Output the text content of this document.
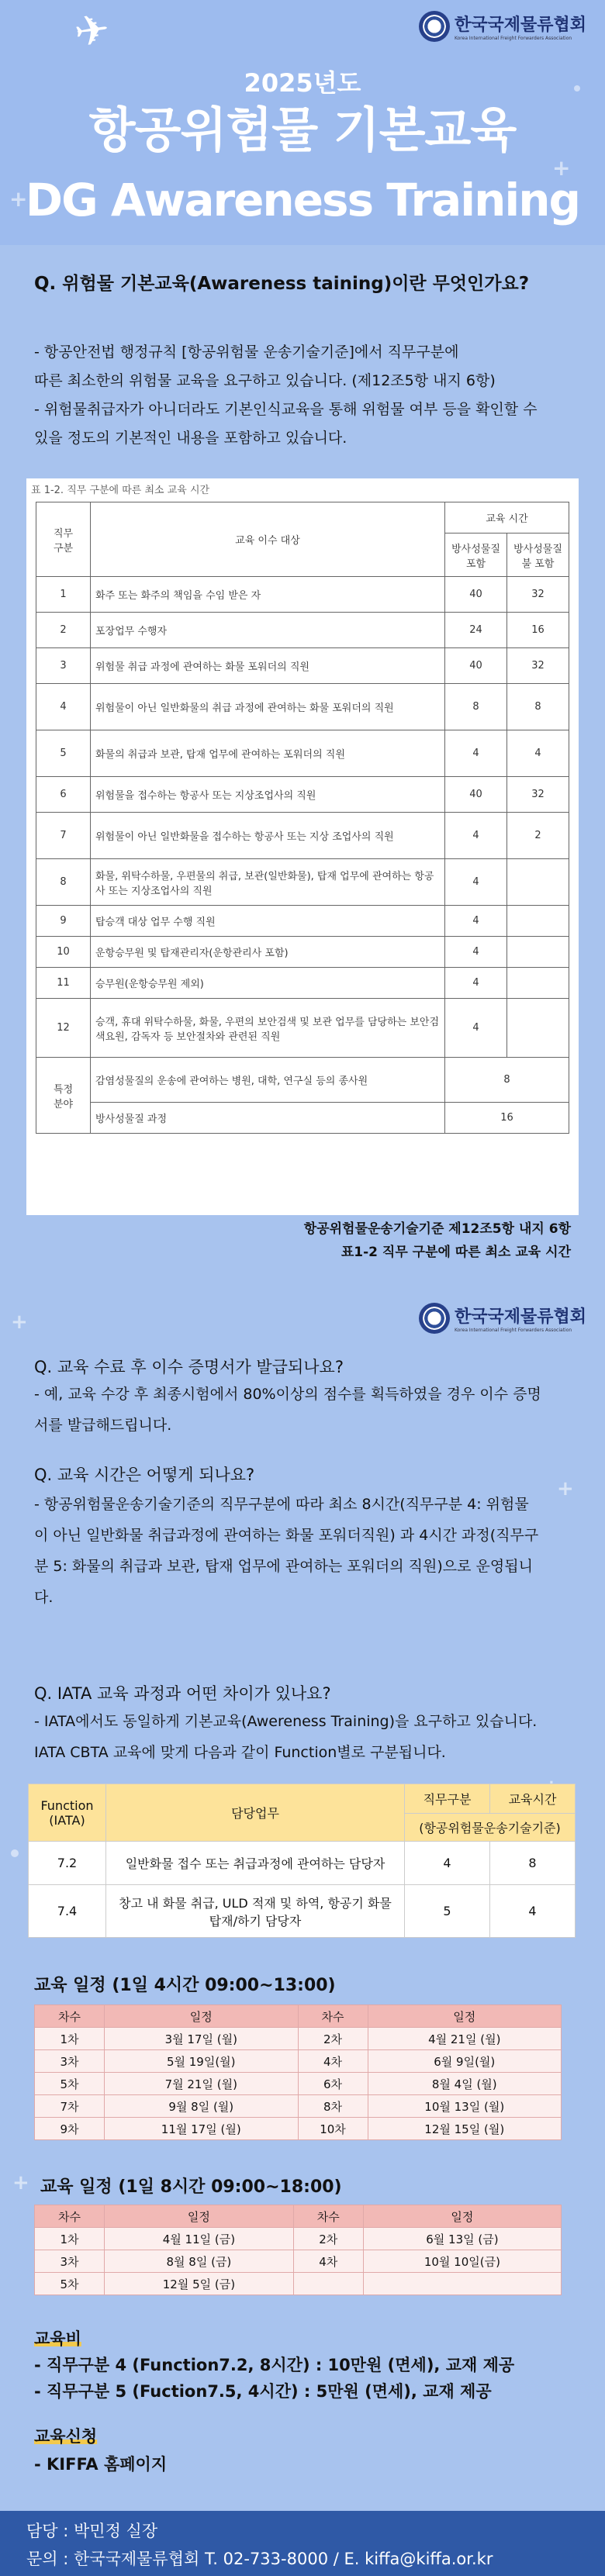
✈	한국국제물류협회
Korea International Freight Forwarders Association
2025년도
항공위험물 기본교육
DG Awareness Training
+
+
Q. 위험물 기본교육(Awareness taining)이란 무엇인가요?
- 항공안전법 행정규칙 [항공위험물 운송기술기준]에서 직무구분에
따른 최소한의 위험물 교육을 요구하고 있습니다. (제12조5항 내지 6항)
- 위험물취급자가 아니더라도 기본인식교육을 통해 위험물 여부 등을 확인할 수
있을 정도의 기본적인 내용을 포함하고 있습니다.
표 1-2. 직무 구분에 따른 최소 교육 시간
직무
구분	교육 이수 대상	교육 시간	
		방사성물질
포함	방사성물질
불 포함
1	화주 또는 화주의 책임을 수임 받은 자	40	32
2	포장업무 수행자	24	16
3	위험물 취급 과정에 관여하는 화물 포워더의 직원	40	32
4	위험물이 아닌 일반화물의 취급 과정에 관여하는 화물 포워더의 직원	8	8
5	화물의 취급과 보관, 탑재 업무에 관여하는 포워더의 직원	4	4
6	위험물을 접수하는 항공사 또는 지상조업사의 직원	40	32
7	위험물이 아닌 일반화물을 접수하는 항공사 또는 지상 조업사의 직원	4	2
8	화물, 위탁수하물, 우편물의 취급, 보관(일반화물), 탑재 업무에 관여하는 항공사 또는 지상조업사의 직원	4	
9	탑승객 대상 업무 수행 직원	4	
10	운항승무원 및 탑재관리자(운항관리사 포함)	4	
11	승무원(운항승무원 제외)	4	
12	승객, 휴대 위탁수하물, 화물, 우편의 보안검색 및 보관 업무를 담당하는 보안검색요원, 감독자 등 보안절차와 관련된 직원	4	
특정
분야	감염성물질의 운송에 관여하는 병원, 대학, 연구실 등의 종사원	8	
	방사성물질 과정	16	
항공위험물운송기술기준 제12조5항 내지 6항
표1-2 직무 구분에 따른 최소 교육 시간
+
+
+
+
한국국제물류협회
Korea International Freight Forwarders Association
Q. 교육 수료 후 이수 증명서가 발급되나요?
- 예, 교육 수강 후 최종시험에서 80%이상의 점수를 획득하였을 경우 이수 증명
서를 발급해드립니다.
Q. 교육 시간은 어떻게 되나요?
- 항공위험물운송기술기준의 직무구분에 따라 최소 8시간(직무구분 4: 위험물
이 아닌 일반화물 취급과정에 관여하는 화물 포워더직원) 과 4시간 과정(직무구
분 5: 화물의 취급과 보관, 탑재 업무에 관여하는 포워더의 직원)으로 운영됩니
다.
Q. IATA 교육 과정과 어떤 차이가 있나요?
- IATA에서도 동일하게 기본교육(Awereness Training)을 요구하고 있습니다.
IATA CBTA 교육에 맞게 다음과 같이 Function별로 구분됩니다.
Function
(IATA)	담당업무	직무구분	교육시간
		(항공위험물운송기술기준)	
7.2	일반화물 접수 또는 취급과정에 관여하는 담당자	4	8
7.4	창고 내 화물 취급, ULD 적재 및 하역, 항공기 화물
탑재/하기 담당자	5	4
교육 일정 (1일 4시간 09:00~13:00)
차수	일정	차수	일정
1차	3월 17일 (월)	2차	4월 21일 (월)
3차	5월 19일(월)	4차	6월 9일(월)
5차	7월 21일 (월)	6차	8월 4일 (월)
7차	9월 8일 (월)	8차	10월 13일 (월)
9차	11월 17일 (월)	10차	12월 15일 (월)
교육 일정 (1일 8시간 09:00~18:00)
차수	일정	차수	일정
1차	4월 11일 (금)	2차	6월 13일 (금)
3차	8월 8일 (금)	4차	10월 10일(금)
5차	12월 5일 (금)		
교육비
- 직무구분 4 (Function7.2, 8시간) : 10만원 (면세), 교재 제공
- 직무구분 5 (Fuction7.5, 4시간) : 5만원 (면세), 교재 제공
교육신청
- KIFFA 홈페이지
담당 : 박민정 실장
문의 : 한국국제물류협회 T. 02-733-8000 / E. kiffa@kiffa.or.kr
